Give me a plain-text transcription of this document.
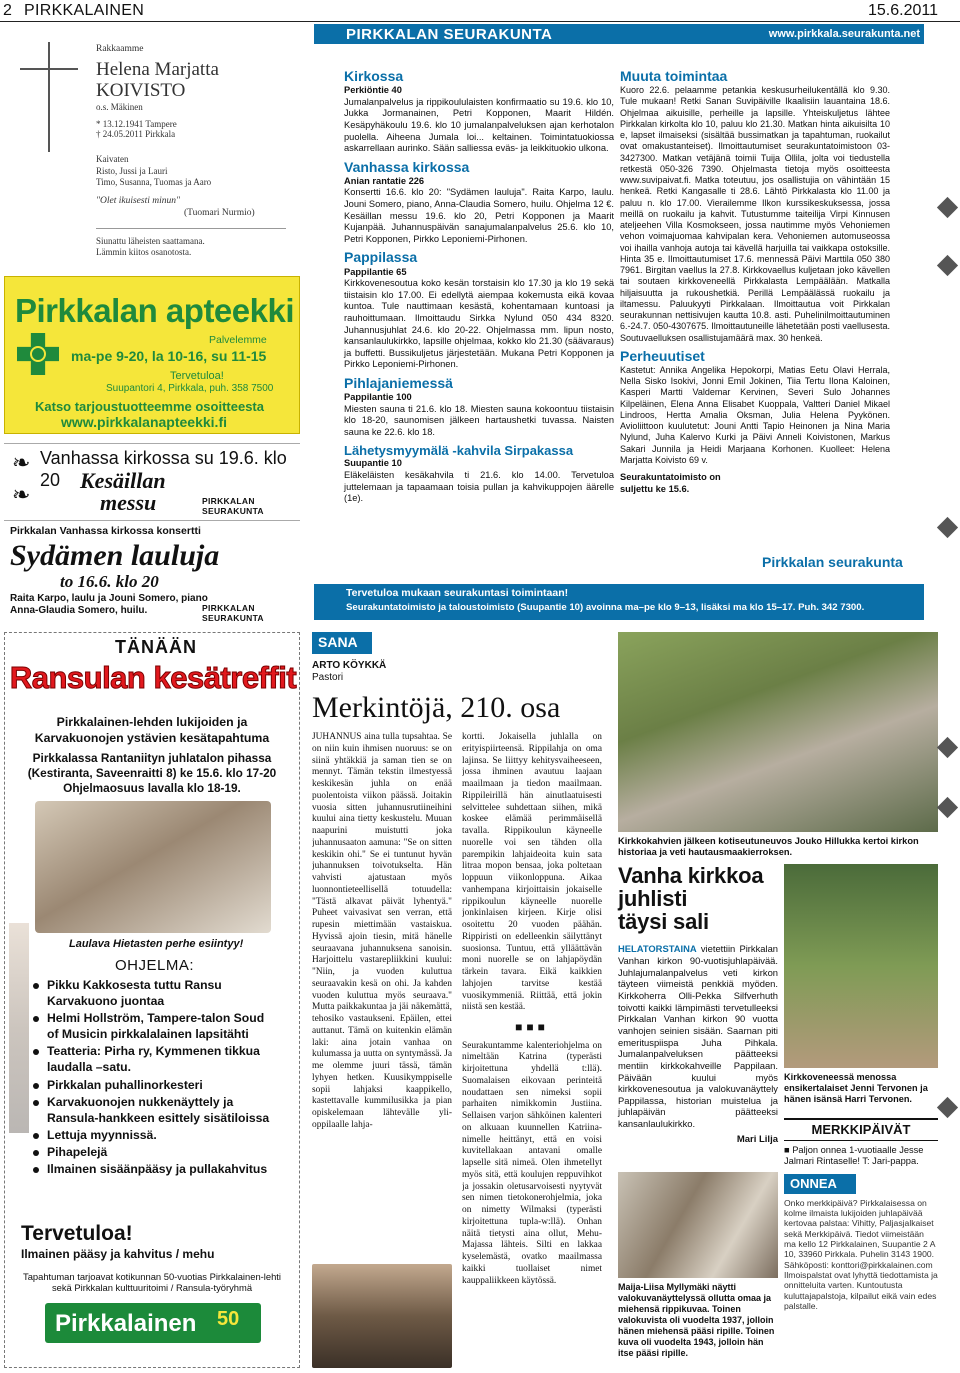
2 PIRKKALAINEN	15.6.2011
Rakkaamme
Helena Marjatta
KOIVISTO
o.s. Mäkinen
* 13.12.1941 Tampere
† 24.05.2011 Pirkkala
Kaivaten
Risto, Jussi ja Lauri
Timo, Susanna, Tuomas ja Aaro
"Olet ikuisesti minun"
(Tuomari Nurmio)
Siunattu läheisten saattamana.
Lämmin kiitos osanotosta.
Pirkkalan apteekki
Palvelemme
ma-pe 9-20, la 10-16, su 11-15
Tervetuloa!
Suupantori 4, Pirkkala, puh. 358 7500
Katso tarjoustuotteemme osoitteesta
www.pirkkalanapteekki.fi
❧
❧
Vanhassa kirkossa su 19.6. klo 20 Kesäillan
messu	PIRKKALAN SEURAKUNTA
Pirkkalan Vanhassa kirkossa konsertti
Sydämen lauluja
to 16.6. klo 20
Raita Karpo, laulu ja Jouni Somero, piano
Anna-Glaudia Somero, huilu.	PIRKKALAN SEURAKUNTA
TÄNÄÄN
Ransulan kesätreffit
Pirkkalainen-lehden lukijoiden ja
Karvakuonojen ystävien kesätapahtuma
Pirkkalassa Rantaniityn juhlatalon pihassa
(Kestiranta, Saveenraitti 8) ke 15.6. klo 17-20
Ohjelmaosuus lavalla klo 18-19.
Laulava Hietasten perhe esiintyy!
OHJELMA:
Pikku Kakkosesta tuttu Ransu Karvakuono juontaa
Helmi Hollström, Tampere-talon Soud of Musicin pirkkalalainen lapsitähti
Teatteria: Pirha ry, Kymmenen tikkua laudalla –satu.
Pirkkalan puhallinorkesteri
Karvakuonojen nukkenäyttely ja Ransula-hankkeen esittely sisätiloissa
Lettuja myynnissä.
Pihapelejä
Ilmainen sisäänpääsy ja pullakahvitus
Tervetuloa!
Ilmainen pääsy ja kahvitus / mehu
Tapahtuman tarjoavat kotikunnan 50-vuotias Pirkkalainen-lehti
sekä Pirkkalan kulttuuritoimi / Ransula-työryhmä
Pirkkalainen 50
PIRKKALAN SEURAKUNTA	www.pirkkala.seurakunta.net
Kirkossa
Perkiöntie 40

Jumalanpalvelus ja rippikoululaisten konfirmaatio su 19.6. klo 10, Jukka Jormanainen, Petri Kopponen, Maarit Hildén. Kesäpyhäkoulu 19.6. klo 10 jumalanpalveluksen ajan kerhotalon puolella. Aiheena Jumala loi... keltainen. Toimintatuokiossa askarrellaan aurinko. Sään salliessa eväs- ja leikkituokio ulkona.

Vanhassa kirkossa
Anian rantatie 226

Konsertti 16.6. klo 20: "Sydämen lauluja". Raita Karpo, laulu. Jouni Somero, piano, Anna-Claudia Somero, huilu. Ohjelma 12 €. Kesäillan messu 19.6. klo 20, Petri Kopponen ja Maarit Kujanpää. Juhannuspäivän sanajumalanpalvelus 25.6. klo 10, Petri Kopponen, Pirkko Leponiemi-Pirhonen.

Pappilassa
Pappilantie 65

Kirkkovenesoutua koko kesän torstaisin klo 17.30 ja klo 19 sekä tiistaisin klo 17.00. Ei edellytä aiempaa kokemusta eikä kovaa kuntoa. Tule nauttimaan kesästä, kohentamaan kuntoasi ja rauhoittumaan. Ilmoittaudu Sirkka Nylund 050 434 8320. Juhannusjuhlat 24.6. klo 20-22. Ohjelmassa mm. lipun nosto, kansanlaulukirkko, lapsille ohjelmaa, kokko klo 21.30 (säävaraus) ja buffetti. Bussikuljetus järjestetään. Mukana Petri Kopponen ja Pirkko Leponiemi-Pirhonen.

Pihlajaniemessä
Pappilantie 100

Miesten sauna ti 21.6. klo 18. Miesten sauna kokoontuu tiistaisin klo 18-20, saunomisen jälkeen hartaushetki tuvassa. Naisten sauna ke 22.6. klo 18.

Lähetysmyymälä -kahvila Sirpakassa
Suupantie 10

Eläkeläisten kesäkahvila ti 21.6. klo 14.00. Tervetuloa juttelemaan ja tapaamaan toisia pullan ja kahvikuppojen äärelle (1e).

Muuta toimintaa

Kuoro 22.6. pelaamme petankia keskusurheilukentällä klo 9.30. Tule mukaan! Retki Sanan Suvipäiville Ikaalisiin lauantaina 18.6. Ohjelmaa aikuisille, perheille ja lapsille. Yhteiskuljetus lähtee Pirkkalan kirkolta klo 10, paluu klo 21.30. Matkan hinta aikuisilta 10 e, lapset ilmaiseksi (sisältää bussimatkan ja tapahtuman, ruokailut ovat omakustanteiset). Ilmoittautumiset seurakuntatoimistoon 03-3427300. Matkan vetäjänä toimii Tuija Ollila, jolta voi tiedustella retkestä 050-326 7390. Ohjelmasta tietoja myös osoitteesta www.suvipaivat.fi. Matka toteutuu, jos osallistujia on vähintään 15 henkeä. Retki Kangasalle ti 28.6. Lähtö Pirkkalasta klo 11.00 ja paluu n. klo 17.00. Vierailemme Ilkon kurssikeskuksessa, jossa meillä on ruokailu ja kahvit. Tutustumme taiteilija Virpi Kinnusen ateljeehen Villa Kosmokseen, jossa nautimme myös Vehoniemen vehon voimajuomaa kahvipalan kera. Vehoniemen automuseossa voi ihailla vanhoja autoja tai kävellä harjuilla tai vaikkapa ostoksille. Hinta 35 e. Ilmoittautumiset 17.6. mennessä Päivi Marttila 050 380 7961. Birgitan vaellus la 27.8. Kirkkovaellus kuljetaan joko kävellen tai soutaen kirkkoveneellä Pirkkalasta Lempäälään. Matkalla hiljaisuutta ja rukoushetkiä. Perillä Lempäälässä ruokailu ja iltamessu. Paluukyyti Pirkkalaan. Ilmoittautua voit Pirkkalan seurakunnan nettisivujen kautta 10.8. asti. Puhelinilmoittautuminen 6.-24.7. 050-4307675. Ilmoittautuneille lähetetään posti vaellusesta. Soutuvaelluksen osallistujamäärä max. 30 henkeä.

Perheuutiset

Kastetut: Annika Angelika Hepokorpi, Matias Eetu Olavi Herrala, Nella Sisko Isokivi, Jonni Emil Jokinen, Tiia Tertu Ilona Kaloinen, Kasperi Martti Valdemar Kervinen, Severi Sulo Johannes Kilpeläinen, Elena Anna Elisabet Kuoppala, Valtteri Daniel Mikael Lindroos, Hertta Amalia Oksman, Julia Helena Pyykönen. Avioliittoon kuulutetut: Jouni Antti Tapio Heinonen ja Nina Maria Nylund, Juha Kalervo Kurki ja Päivi Anneli Koivistonen, Markus Sakari Junnila ja Heidi Marjaana Korhonen. Kuolleet: Helena Marjatta Koivisto 69 v.

Seurakuntatoimisto on suljettu ke 15.6.
Pirkkalan seurakunta
Tervetuloa mukaan seurakuntasi toimintaan!
Seurakuntatoimisto ja taloustoimisto (Suupantie 10) avoinna ma–pe klo 9–13, lisäksi ma klo 15–17. Puh. 342 7300.
SANA
ARTO KÖYKKÄ
Pastori
Merkintöjä, 210. osa

JUHANNUS aina tulla tupsahtaa. Se on niin kuin ihmisen nuoruus: se on siinä yhtäkkiä ja saman tien se on mennyt. Tämän tekstin ilmestyessä keskikesän juhla on enää puolentoista viikon päässä. Joitakin vuosia sitten juhannusrutiineihini kuului aina tietty keskustelu. Muuan naapurini muistutti joka juhannusaaton aamuna: "Se on sitten keskikin ohi." Se ei tuntunut hyvän juhannuksen toivotukselta. Hän vahvisti ajatustaan myös luonnontieteellisellä totuudella: "Tästä alkavat päivät lyhentyä." Puheet vaivasivat sen verran, että rupesin miettimään vastaiskua. Hyvissä ajoin tiesin, mitä hänelle seuraavana juhannuksena sanoisin. Harjoittelu vastarepliikkini kuului: "Niin, ja vuoden kuluttua seuraavakin kesä on ohi. Ja kahden vuoden kuluttua myös seuraava." Mutta paikkakuntaa ja jäi näkemättä, tehosiko vastaukseni. Epäilen, ettei auttanut. Tämä on kuitenkin elämän laki: aina jotain vanhaa on kulumassa ja uutta on syntymässä. Ja me olemme juuri tässä, tämän lyhyen hetken. Kuusikymppiselle sopii lahjaksi kaappikello, kastettavalle kummilusikka ja pian opiskelemaan lähtevälle yli- oppilaalle lahja-

kortti. Jokaisella juhlalla on erityispiirteensä. Rippilahja on oma lajinsa. Se liittyy kehitysvaiheeseen, jossa ihminen avautuu laajaan maailmaan ja tiedon maailmaan. Rippileirillä hän ainutlaatuisesti selvittelee suhdettaan siihen, mikä koskee elämää perimmäisellä tavalla. Rippikoulun käyneelle nuorelle voi sen tähden olla parempikin lahjaideoita kuin sata litraa mopon bensaa, joka poltetaan loppuun viikonloppuna. Aikaa vanhempana kirjoittaisin jokaiselle rippikoulun käyneelle nuorelle jonkinlaisen kirjeen. Kirje olisi osoitettu 20 vuoden päähän. Rippiristi on edelleenkin säilyttänyt suosionsa. Tuntuu, että ylläättävän moni nuorelle se on lahjapöydän tärkein tavara. Eikä kaikkien lahjojen tarvitse kestää vuosikymmeniä. Riittää, että jokin niistä sen kestää.

■■■

Seurakuntamme kalenteriohjelma on nimeltään Katrina (typerästi kirjoitettuna yhdellä t:llä). Suomalaisen eikovaan perinteitä noudattaen sen nimeksi sopii parhaiten nimikkomin Justiina. Sellaisen varjon sähköinen kalenteri on alkuaan kuunnellen Katriina-nimelle heittänyt, että en voisi kuvitellakaan antavani omalle lapselle sitä nimeä. Olen ihmetellyt myös sitä, että koulujen reppuvihkot ja jossakin oletusarvoisesti nyytyvät sen nimen tietokonerohjelmia, joka on nimetty Wilmaksi (typerästi kirjoitettuna tupla-w:llä). Onhan näitä tietysti aina ollut, Mehu-Majassa lähteis. Silti en lakkaa kyselemästä, ovatko maailmassa kaikki tuollaiset nimet kauppaliikkeen käytössä.

Kirkkokahvien jälkeen kotiseutuneuvos Jouko Hillukka kertoi kirkon historiaa ja veti hautausmaakierroksen.
Vanha kirkkoa
juhlisti
täysi sali
HELATORSTAINA vietettiin Pirkkalan Vanhan kirkon 90-vuotisjuhlapäivää. Juhlajumalanpalvelus veti kirkon täyteen viimeistä penkkiä myöden. Kirkkoherra Olli-Pekka Silfverhuth toivotti kaikki lämpimästi tervetulleeksi Pirkkalan Vanhan kirkon 90 vuotta vanhojen seinien sisään. Saarnan piti emerituspiispa Juha Pihkala. Jumalanpalveluksen päätteeksi mentiin kirkkokahveille Pappilaan. Päivään kuului myös kirkkovenesoutua ja valokuvanäyttely Pappilassa, historian muistelua ja juhlapäivän päätteeksi kansanlaulukirkko.
Mari Lilja
Kirkkoveneessä menossa ensikertalaiset Jenni Tervonen ja hänen isänsä Harri Tervonen.
Maija-Liisa Myllymäki näytti valokuvanäyttelyssä ollutta omaa ja miehensä rippikuvaa. Toinen valokuvista oli vuodelta 1937, jolloin hänen miehensä pääsi ripille. Toinen kuva oli vuodelta 1943, jolloin hän itse pääsi ripille.
MERKKIPÄIVÄT
■ Paljon onnea 1-vuotiaalle Jesse Jalmari Rintaselle! T: Jari-pappa.
ONNEA
Onko merkkipäivä? Pirkkalaisessa on kolme ilmaista lukijoiden juhlapäivää kertovaa palstaa: Vihitty, Paljasjalkaiset sekä Merkkipäivä. Tiedot viimeistään ma kello 12 Pirkkalainen, Suupantie 2 A 10, 33960 Pirkkala. Puhelin 3143 1900. Sähköposti: konttori@pirkkalainen.com Ilmoispalstat ovat lyhyttä tiedottamista ja onnitteluita varten. Kuntoutusta kuluttajapalstoja, kilpailut eikä vain edes palstalle.
